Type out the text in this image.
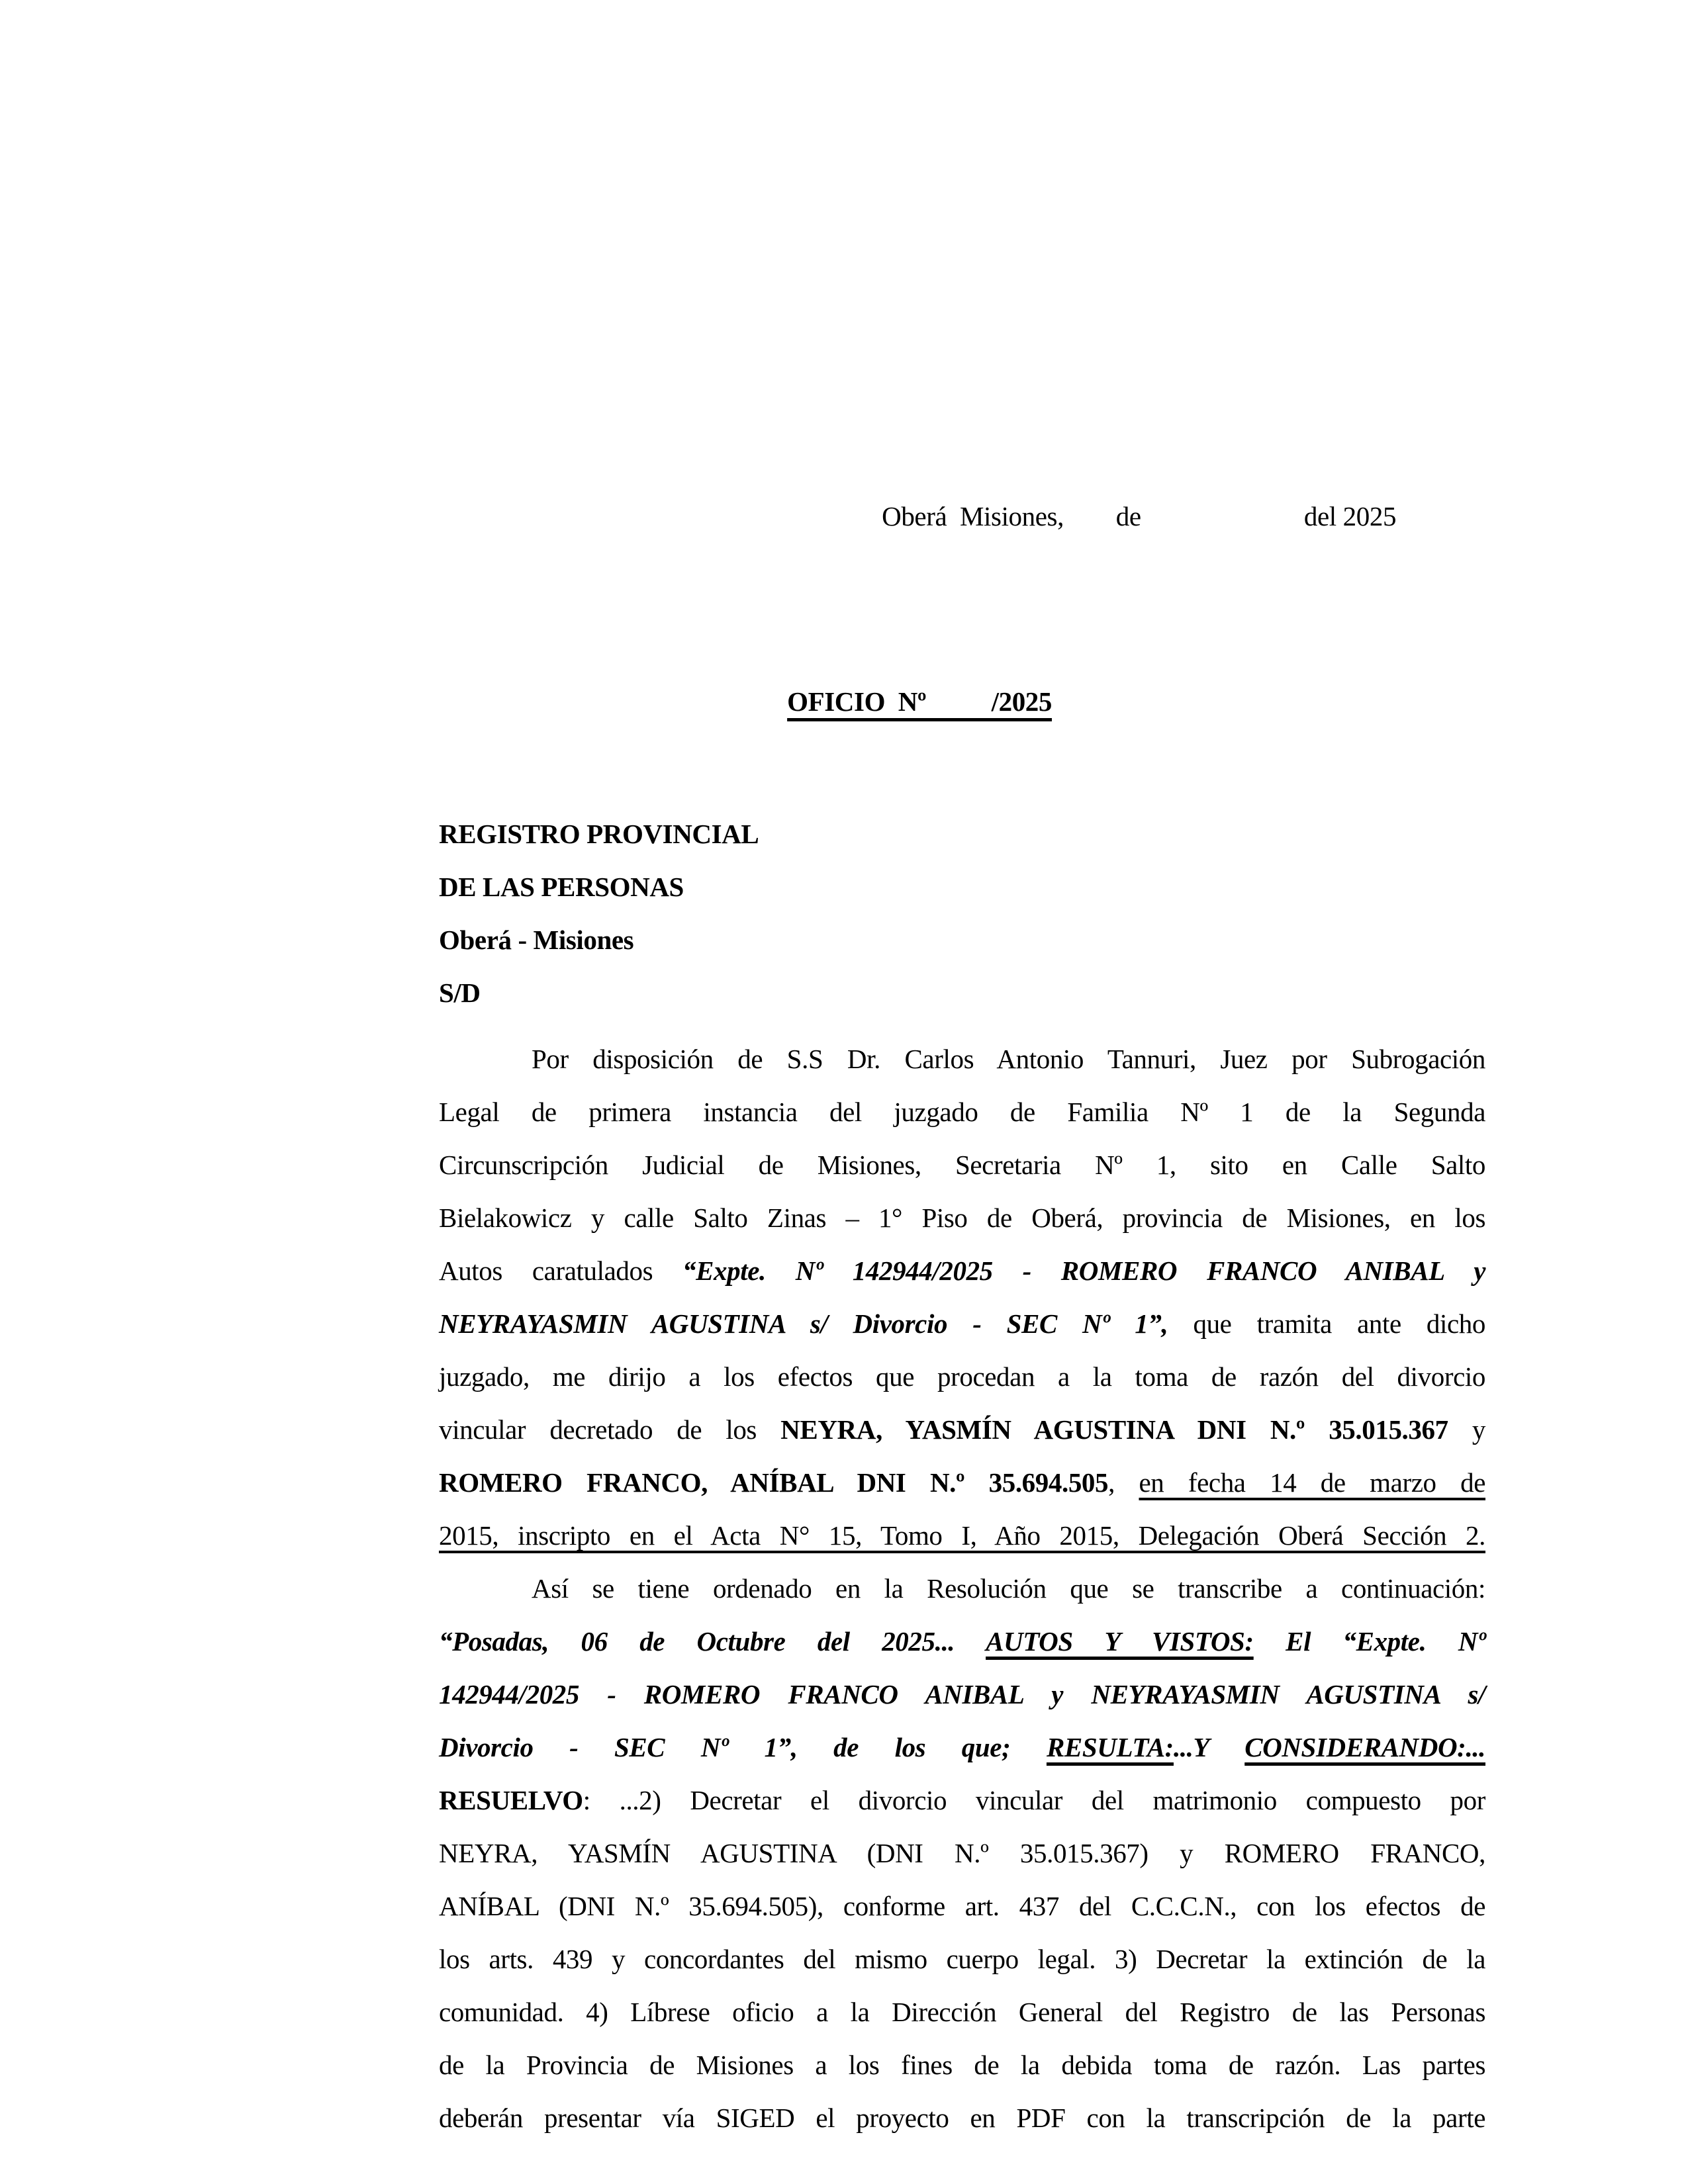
Oberá  Misiones,        de                         del 2025

OFICIO  Nº          /2025

REGISTRO PROVINCIAL
DE LAS PERSONAS
Oberá - Misiones
S/D
Por disposición de S.S Dr. Carlos Antonio Tannuri, Juez por Subrogación
Legal de primera instancia del juzgado de Familia Nº 1 de la Segunda
Circunscripción Judicial de Misiones, Secretaria Nº 1, sito en Calle Salto
Bielakowicz y calle Salto Zinas – 1° Piso de Oberá, provincia de Misiones, en los
Autos caratulados “Expte. Nº 142944/2025 - ROMERO FRANCO ANIBAL y
NEYRAYASMIN AGUSTINA s/ Divorcio - SEC Nº 1”, que tramita ante dicho
juzgado, me dirijo a los efectos que procedan a la toma de razón del divorcio
vincular decretado de los NEYRA, YASMÍN AGUSTINA DNI N.º 35.015.367 y
ROMERO FRANCO, ANÍBAL DNI N.º 35.694.505, en fecha 14 de marzo de
2015, inscripto en el Acta N° 15, Tomo I, Año 2015, Delegación Oberá Sección 2.
Así se tiene ordenado en la Resolución que se transcribe a continuación:
“Posadas, 06 de Octubre del 2025... AUTOS Y VISTOS: El “Expte. Nº
142944/2025 - ROMERO FRANCO ANIBAL y NEYRAYASMIN AGUSTINA s/
Divorcio - SEC Nº 1”, de los que; RESULTA:...Y CONSIDERANDO:...
RESUELVO: ...2) Decretar el divorcio vincular del matrimonio compuesto por
NEYRA, YASMÍN AGUSTINA (DNI N.º 35.015.367) y ROMERO FRANCO,
ANÍBAL (DNI N.º 35.694.505), conforme art. 437 del C.C.C.N., con los efectos de
los arts. 439 y concordantes del mismo cuerpo legal. 3) Decretar la extinción de la
comunidad. 4) Líbrese oficio a la Dirección General del Registro de las Personas
de la Provincia de Misiones a los fines de la debida toma de razón. Las partes
deberán presentar vía SIGED el proyecto en PDF con la transcripción de la parte
